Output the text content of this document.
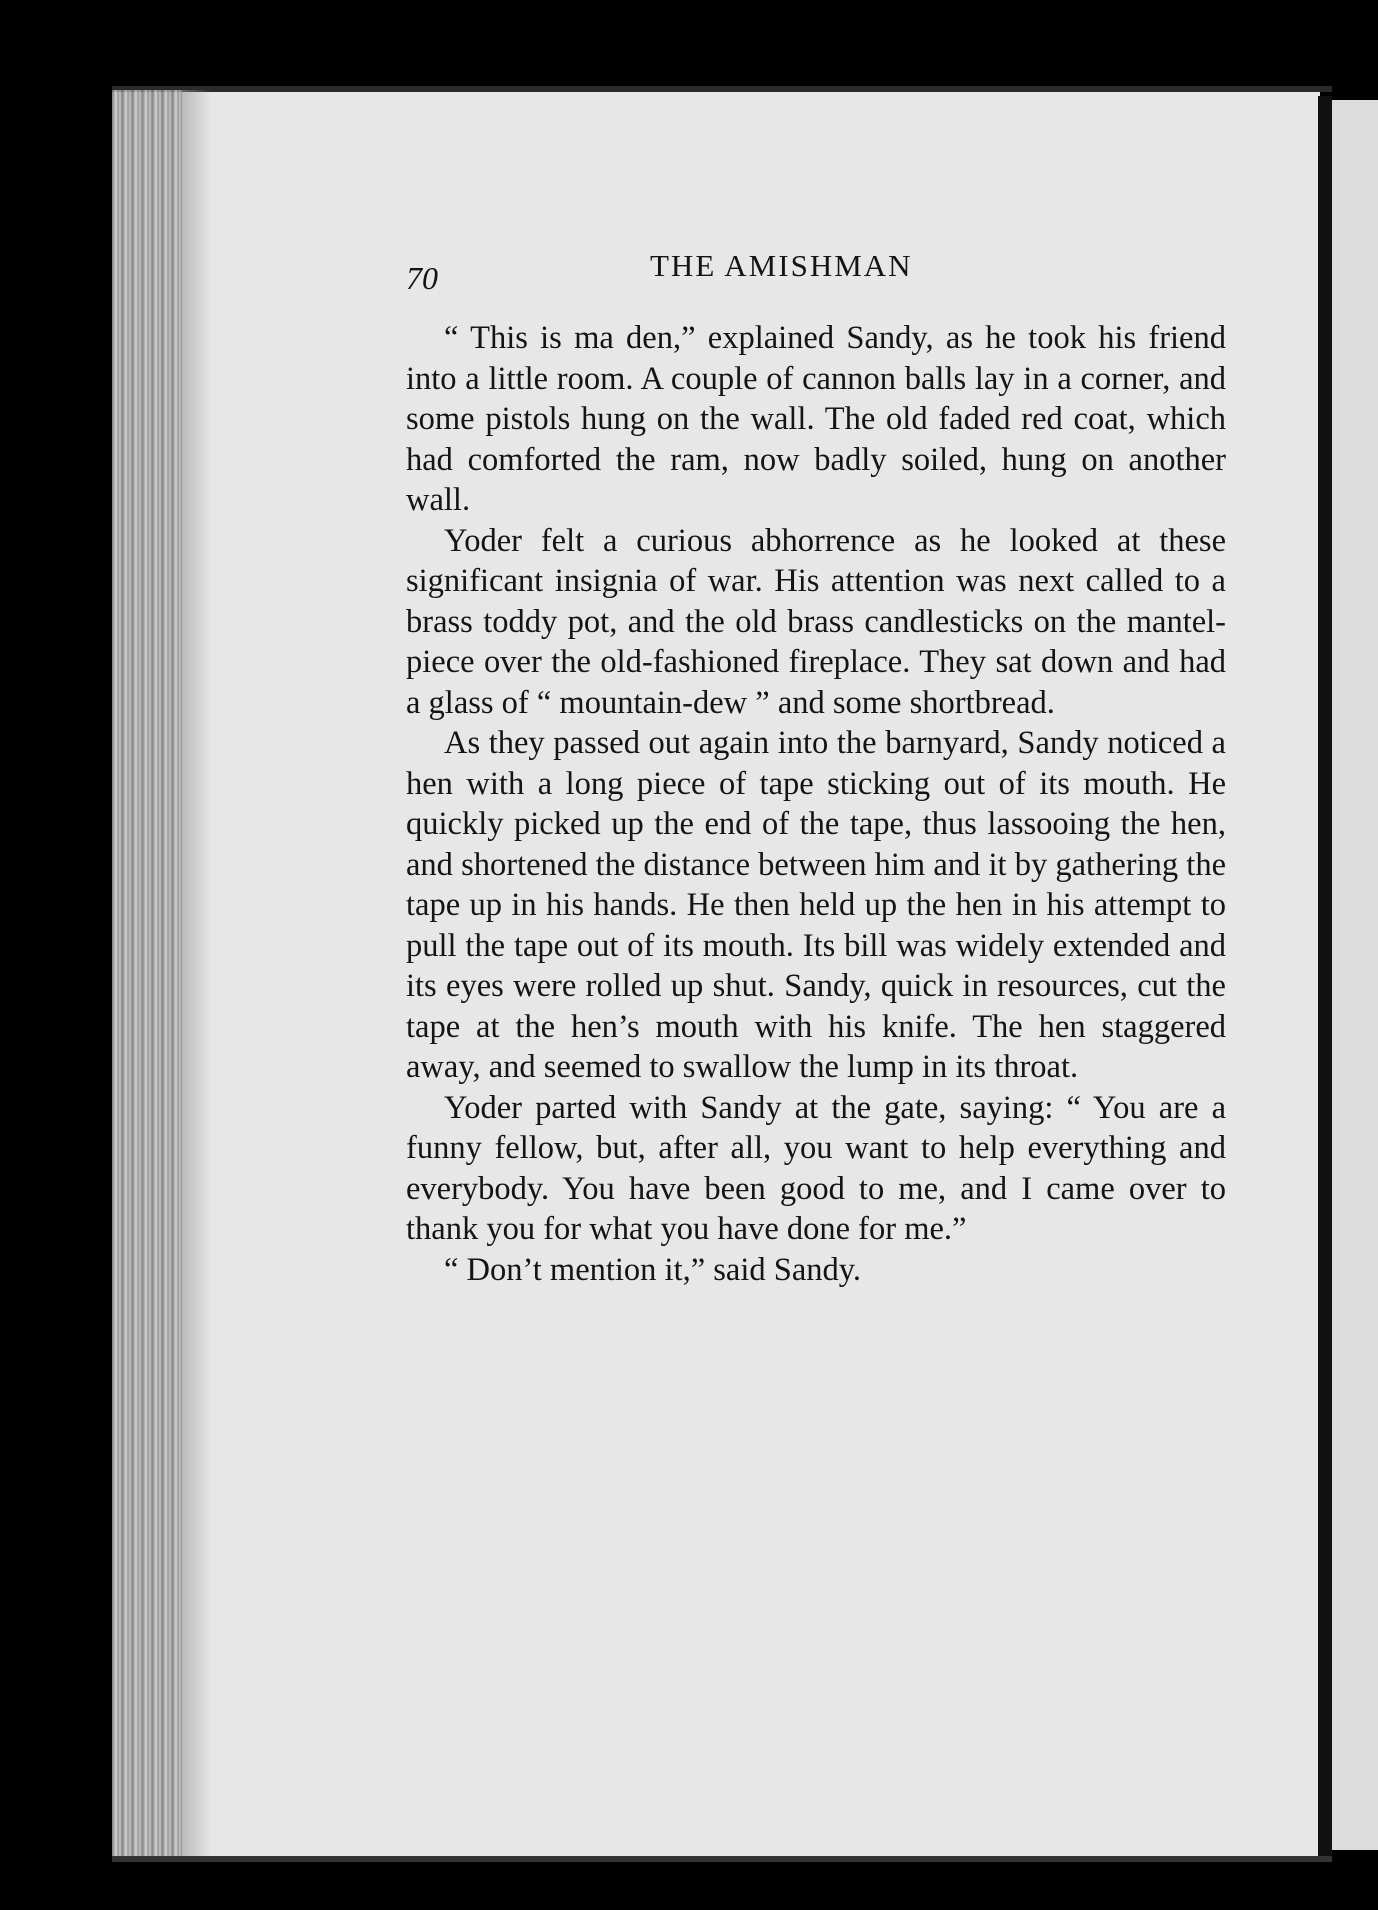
70	THE AMISHMAN

“ This is ma den,” explained Sandy, as he took his friend into a little room. A couple of cannon balls lay in a corner, and some pistols hung on the wall. The old faded red coat, which had comforted the ram, now badly soiled, hung on another wall.

Yoder felt a curious abhorrence as he looked at these significant insignia of war. His attention was next called to a brass toddy pot, and the old brass candlesticks on the mantel-piece over the old-fashioned fireplace. They sat down and had a glass of “ mountain-dew ” and some shortbread.

As they passed out again into the barnyard, Sandy noticed a hen with a long piece of tape sticking out of its mouth. He quickly picked up the end of the tape, thus lassooing the hen, and shortened the distance between him and it by gathering the tape up in his hands. He then held up the hen in his attempt to pull the tape out of its mouth. Its bill was widely extended and its eyes were rolled up shut. Sandy, quick in resources, cut the tape at the hen’s mouth with his knife. The hen staggered away, and seemed to swallow the lump in its throat.

Yoder parted with Sandy at the gate, saying: “ You are a funny fellow, but, after all, you want to help everything and everybody. You have been good to me, and I came over to thank you for what you have done for me.”

“ Don’t mention it,” said Sandy.
